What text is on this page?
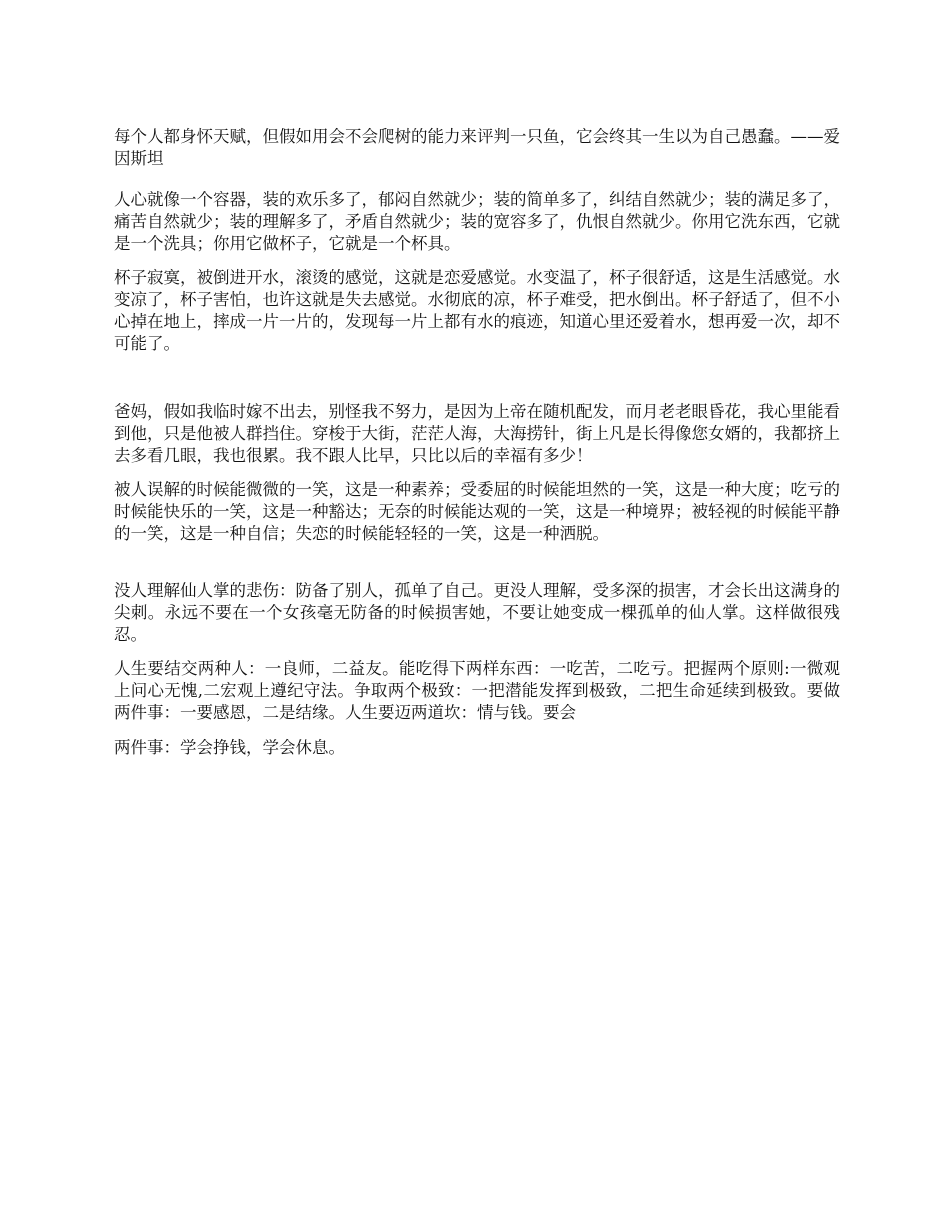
每个人都身怀天赋，但假如用会不会爬树的能力来评判一只鱼，它会终其一生以为自己愚蠢。——爱因斯坦

人心就像一个容器，装的欢乐多了，郁闷自然就少；装的简单多了，纠结自然就少；装的满足多了，痛苦自然就少；装的理解多了，矛盾自然就少；装的宽容多了，仇恨自然就少。你用它洗东西，它就是一个洗具；你用它做杯子，它就是一个杯具。

杯子寂寞，被倒进开水，滚烫的感觉，这就是恋爱感觉。水变温了，杯子很舒适，这是生活感觉。水变凉了，杯子害怕，也许这就是失去感觉。水彻底的凉，杯子难受，把水倒出。杯子舒适了，但不小心掉在地上，摔成一片一片的，发现每一片上都有水的痕迹，知道心里还爱着水，想再爱一次，却不可能了。

爸妈，假如我临时嫁不出去，别怪我不努力，是因为上帝在随机配发，而月老老眼昏花，我心里能看到他，只是他被人群挡住。穿梭于大街，茫茫人海，大海捞针，街上凡是长得像您女婿的，我都挤上去多看几眼，我也很累。我不跟人比早，只比以后的幸福有多少！

被人误解的时候能微微的一笑，这是一种素养；受委屈的时候能坦然的一笑，这是一种大度；吃亏的时候能快乐的一笑，这是一种豁达；无奈的时候能达观的一笑，这是一种境界；被轻视的时候能平静的一笑，这是一种自信；失恋的时候能轻轻的一笑，这是一种洒脱。

没人理解仙人掌的悲伤：防备了别人，孤单了自己。更没人理解，受多深的损害，才会长出这满身的尖刺。永远不要在一个女孩毫无防备的时候损害她，不要让她变成一棵孤单的仙人掌。这样做很残忍。

人生要结交两种人：一良师，二益友。能吃得下两样东西：一吃苦，二吃亏。把握两个原则:一微观上问心无愧,二宏观上遵纪守法。争取两个极致：一把潜能发挥到极致，二把生命延续到极致。要做两件事：一要感恩，二是结缘。人生要迈两道坎：情与钱。要会

两件事：学会挣钱，学会休息。
